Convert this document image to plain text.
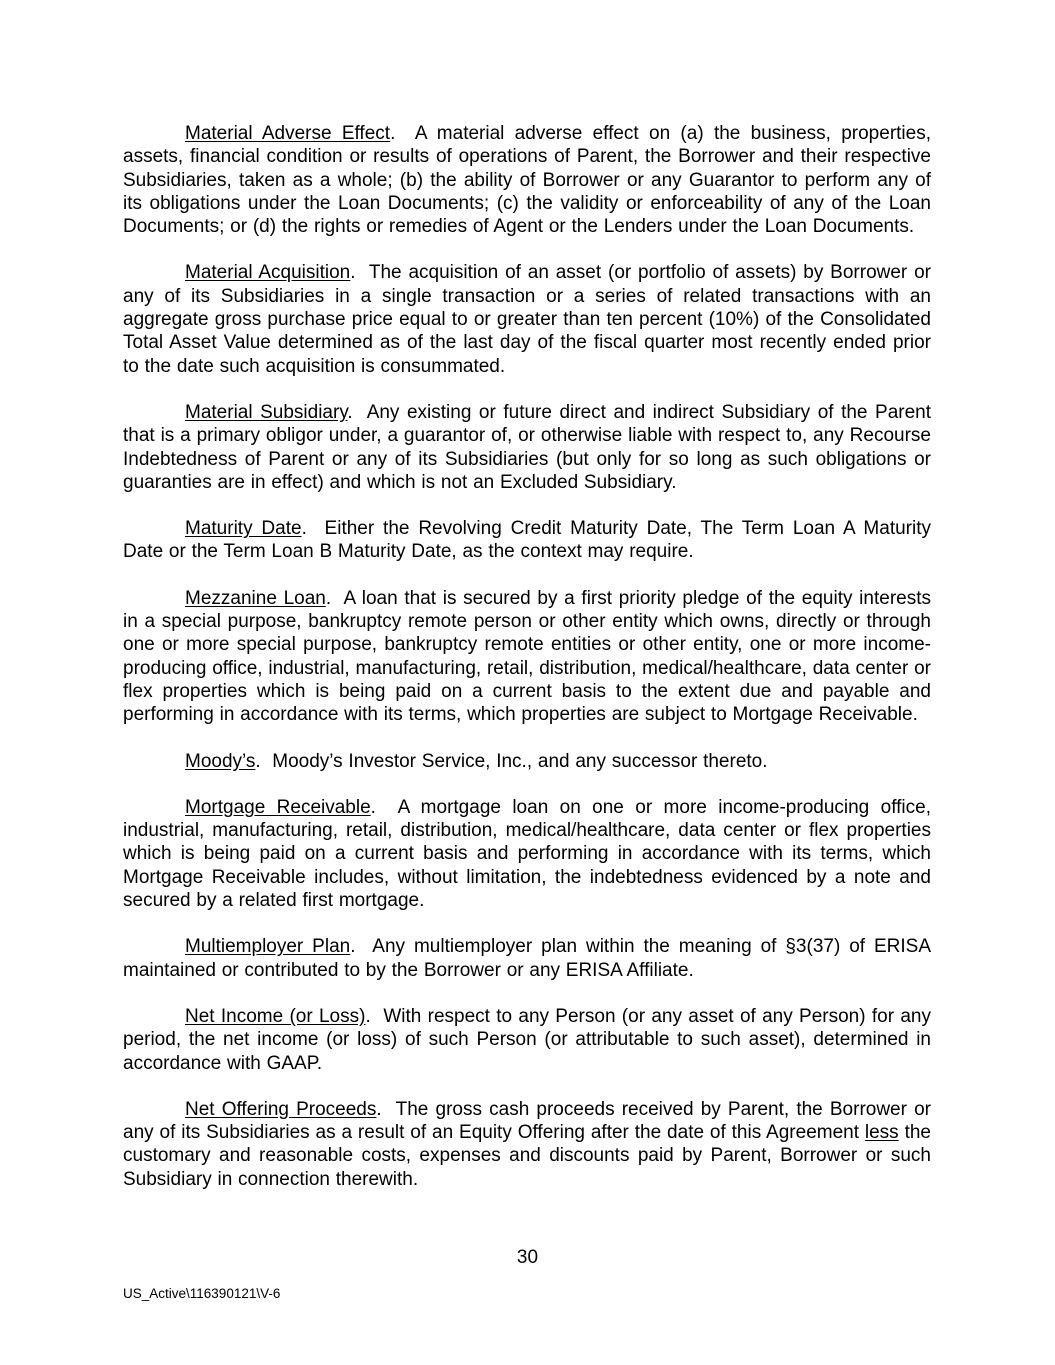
Material Adverse Effect.  A material adverse effect on (a) the business, properties, assets, financial condition or results of operations of Parent, the Borrower and their respective Subsidiaries, taken as a whole; (b) the ability of Borrower or any Guarantor to perform any of its obligations under the Loan Documents; (c) the validity or enforceability of any of the Loan Documents; or (d) the rights or remedies of Agent or the Lenders under the Loan Documents.

Material Acquisition.  The acquisition of an asset (or portfolio of assets) by Borrower or any of its Subsidiaries in a single transaction or a series of related transactions with an aggregate gross purchase price equal to or greater than ten percent (10%) of the Consolidated Total Asset Value determined as of the last day of the fiscal quarter most recently ended prior to the date such acquisition is consummated.

Material Subsidiary.  Any existing or future direct and indirect Subsidiary of the Parent that is a primary obligor under, a guarantor of, or otherwise liable with respect to, any Recourse Indebtedness of Parent or any of its Subsidiaries (but only for so long as such obligations or guaranties are in effect) and which is not an Excluded Subsidiary.

Maturity Date.  Either the Revolving Credit Maturity Date, The Term Loan A Maturity Date or the Term Loan B Maturity Date, as the context may require.

Mezzanine Loan.  A loan that is secured by a first priority pledge of the equity interests in a special purpose, bankruptcy remote person or other entity which owns, directly or through one or more special purpose, bankruptcy remote entities or other entity, one or more income-producing office, industrial, manufacturing, retail, distribution, medical/healthcare, data center or flex properties which is being paid on a current basis to the extent due and payable and performing in accordance with its terms, which properties are subject to Mortgage Receivable.

Moody’s.  Moody’s Investor Service, Inc., and any successor thereto.

Mortgage Receivable.  A mortgage loan on one or more income-producing office, industrial, manufacturing, retail, distribution, medical/healthcare, data center or flex properties which is being paid on a current basis and performing in accordance with its terms, which Mortgage Receivable includes, without limitation, the indebtedness evidenced by a note and secured by a related first mortgage.

Multiemployer Plan.  Any multiemployer plan within the meaning of §3(37) of ERISA maintained or contributed to by the Borrower or any ERISA Affiliate.

Net Income (or Loss).  With respect to any Person (or any asset of any Person) for any period, the net income (or loss) of such Person (or attributable to such asset), determined in accordance with GAAP.

Net Offering Proceeds.  The gross cash proceeds received by Parent, the Borrower or any of its Subsidiaries as a result of an Equity Offering after the date of this Agreement less the customary and reasonable costs, expenses and discounts paid by Parent, Borrower or such Subsidiary in connection therewith.

30
US_Active\116390121\V-6
